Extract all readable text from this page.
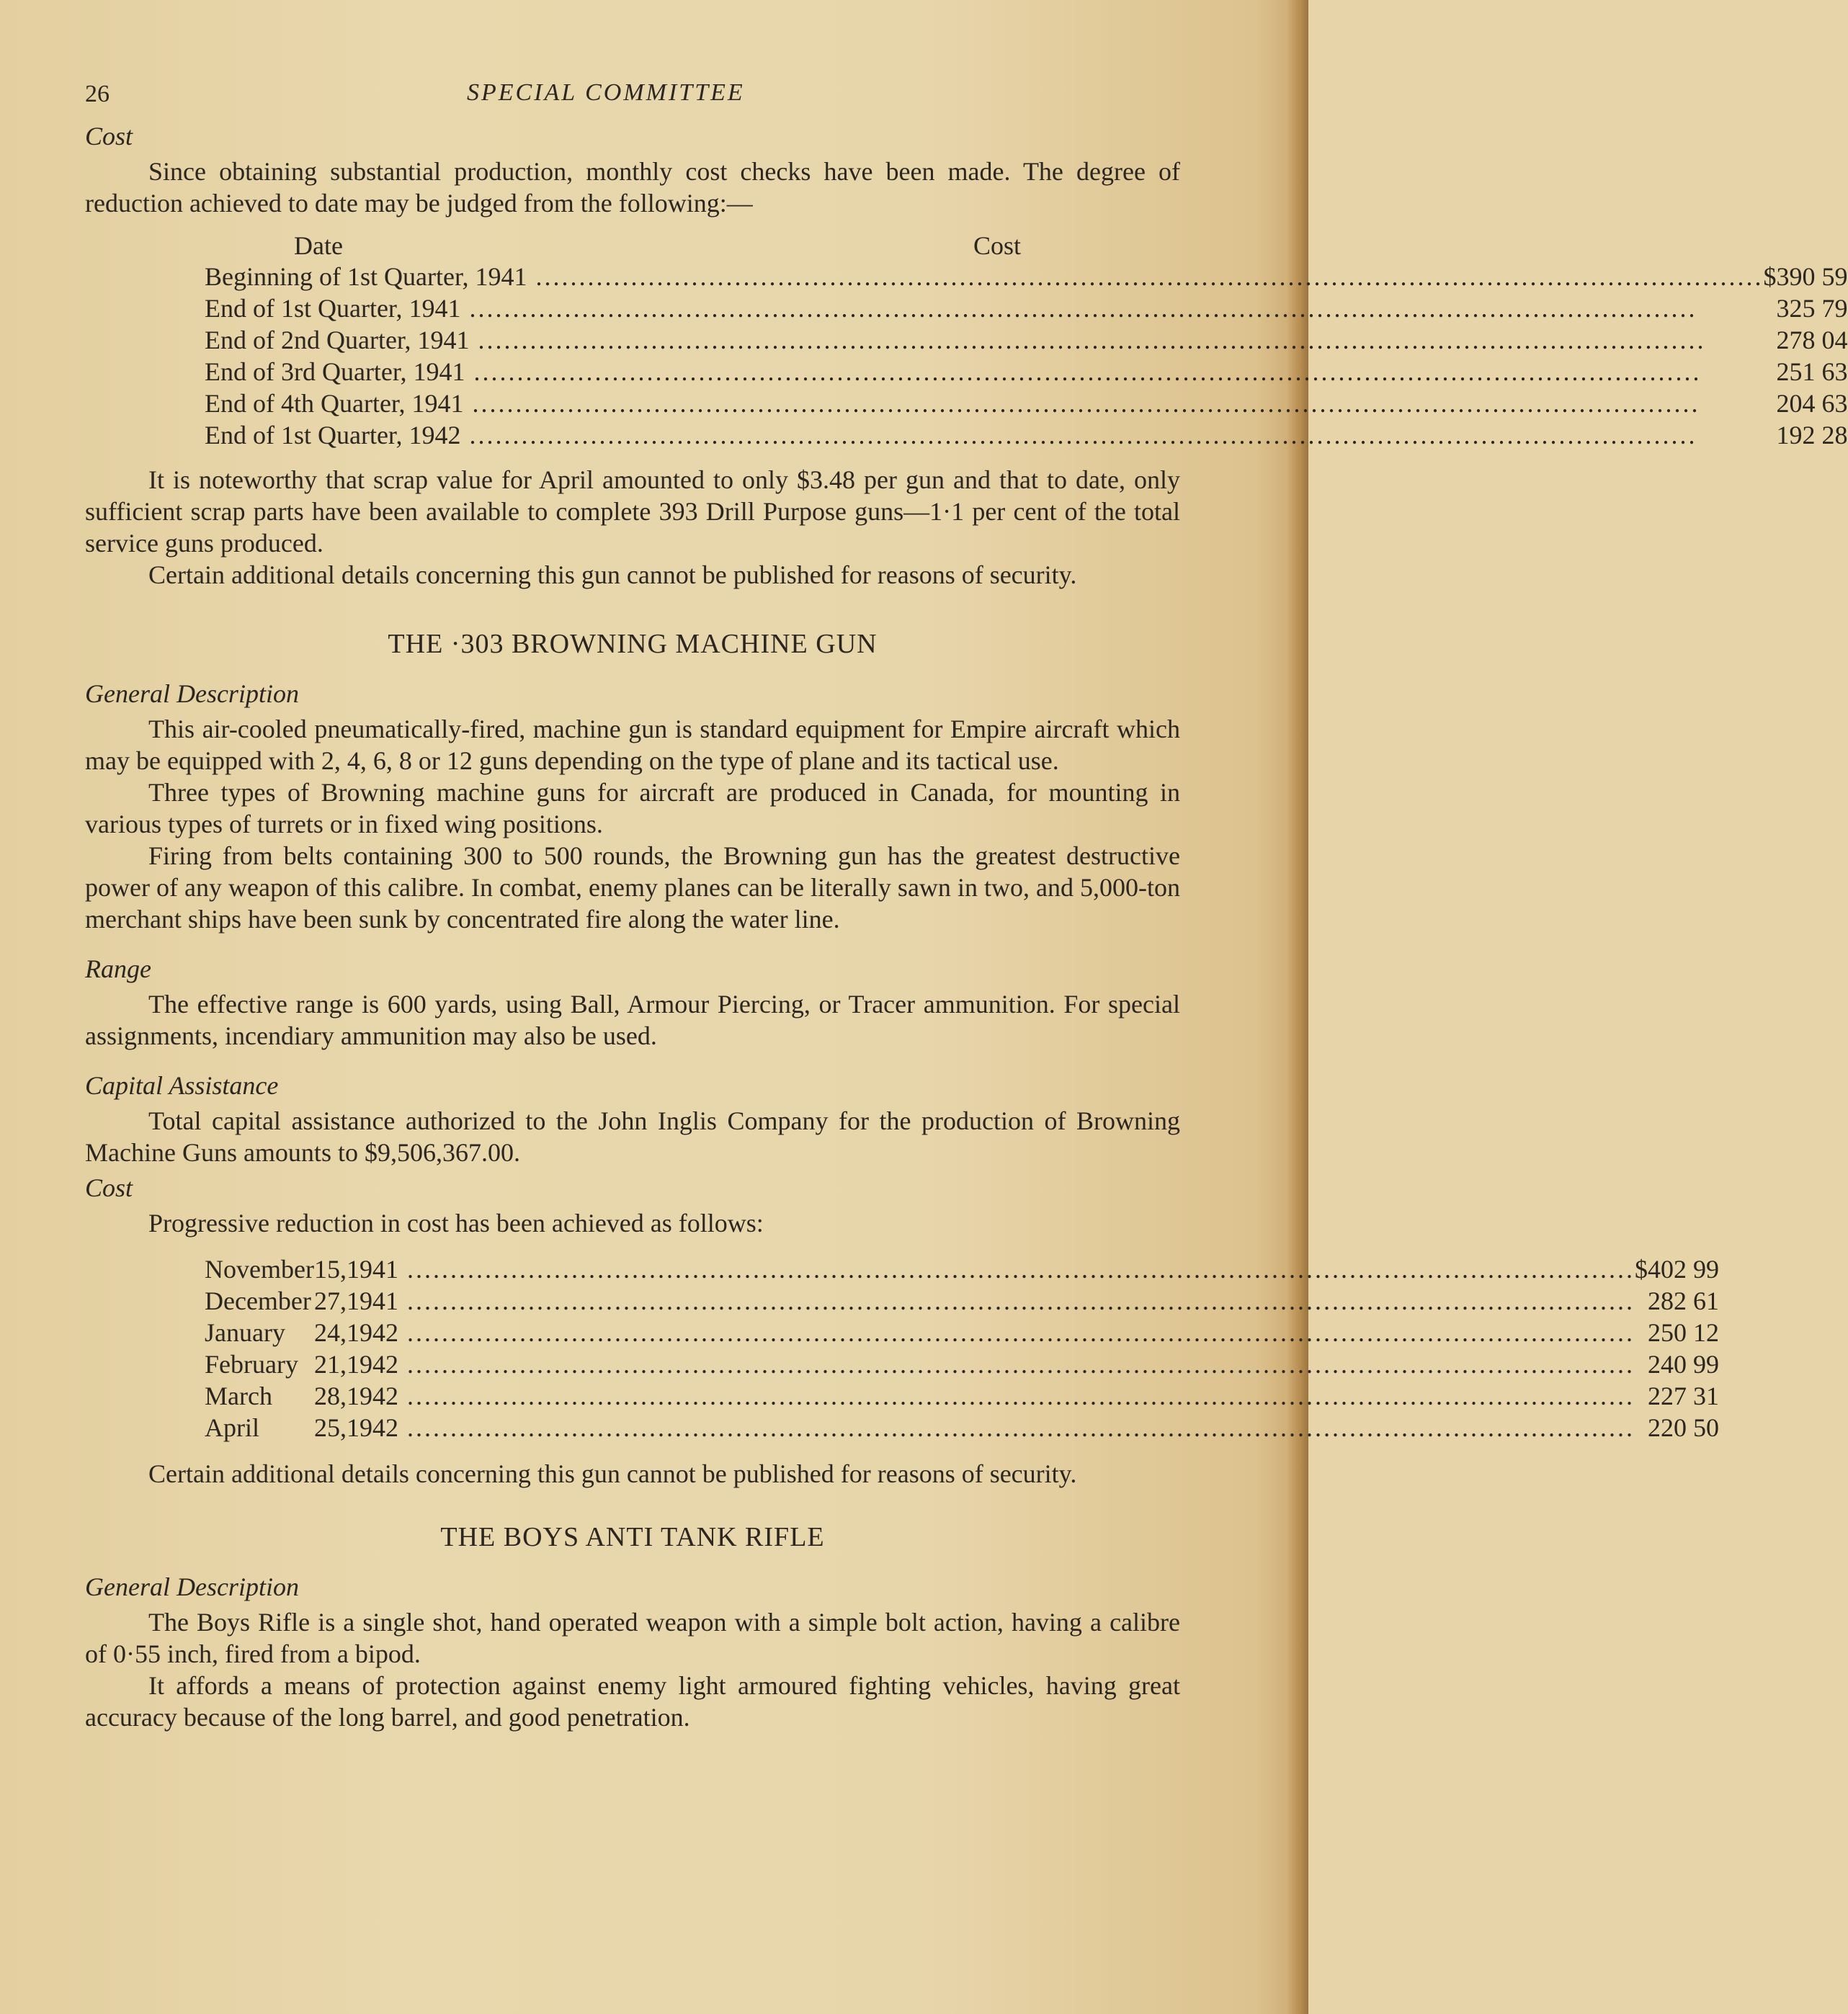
26	SPECIAL COMMITTEE
Cost

Since obtaining substantial production, monthly cost checks have been made. The degree of reduction achieved to date may be judged from the following:—

Date	Cost
Beginning of 1st Quarter, 1941 .....	$390 59
End of 1st Quarter, 1941 .....	325 79
End of 2nd Quarter, 1941 .....	278 04
End of 3rd Quarter, 1941 .....	251 63
End of 4th Quarter, 1941 .....	204 63
End of 1st Quarter, 1942 .....	192 28

It is noteworthy that scrap value for April amounted to only $3.48 per gun and that to date, only sufficient scrap parts have been available to complete 393 Drill Purpose guns—1·1 per cent of the total service guns produced.

Certain additional details concerning this gun cannot be published for reasons of security.

THE ·303 BROWNING MACHINE GUN
General Description

This air-cooled pneumatically-fired, machine gun is standard equipment for Empire aircraft which may be equipped with 2, 4, 6, 8 or 12 guns depending on the type of plane and its tactical use.

Three types of Browning machine guns for aircraft are produced in Canada, for mounting in various types of turrets or in fixed wing positions.

Firing from belts containing 300 to 500 rounds, the Browning gun has the greatest destructive power of any weapon of this calibre. In combat, enemy planes can be literally sawn in two, and 5,000-ton merchant ships have been sunk by concentrated fire along the water line.

Range

The effective range is 600 yards, using Ball, Armour Piercing, or Tracer ammunition. For special assignments, incendiary ammunition may also be used.

Capital Assistance

Total capital assistance authorized to the John Inglis Company for the production of Browning Machine Guns amounts to $9,506,367.00.

Cost

Progressive reduction in cost has been achieved as follows:

November	15,	1941 .....	$402 99
December	27,	1941 .....	282 61
January	24,	1942 .....	250 12
February	21,	1942 .....	240 99
March	28,	1942 .....	227 31
April	25,	1942 .....	220 50

Certain additional details concerning this gun cannot be published for reasons of security.

THE BOYS ANTI TANK RIFLE
General Description

The Boys Rifle is a single shot, hand operated weapon with a simple bolt action, having a calibre of 0·55 inch, fired from a bipod.

It affords a means of protection against enemy light armoured fighting vehicles, having great accuracy because of the long barrel, and good penetration.
